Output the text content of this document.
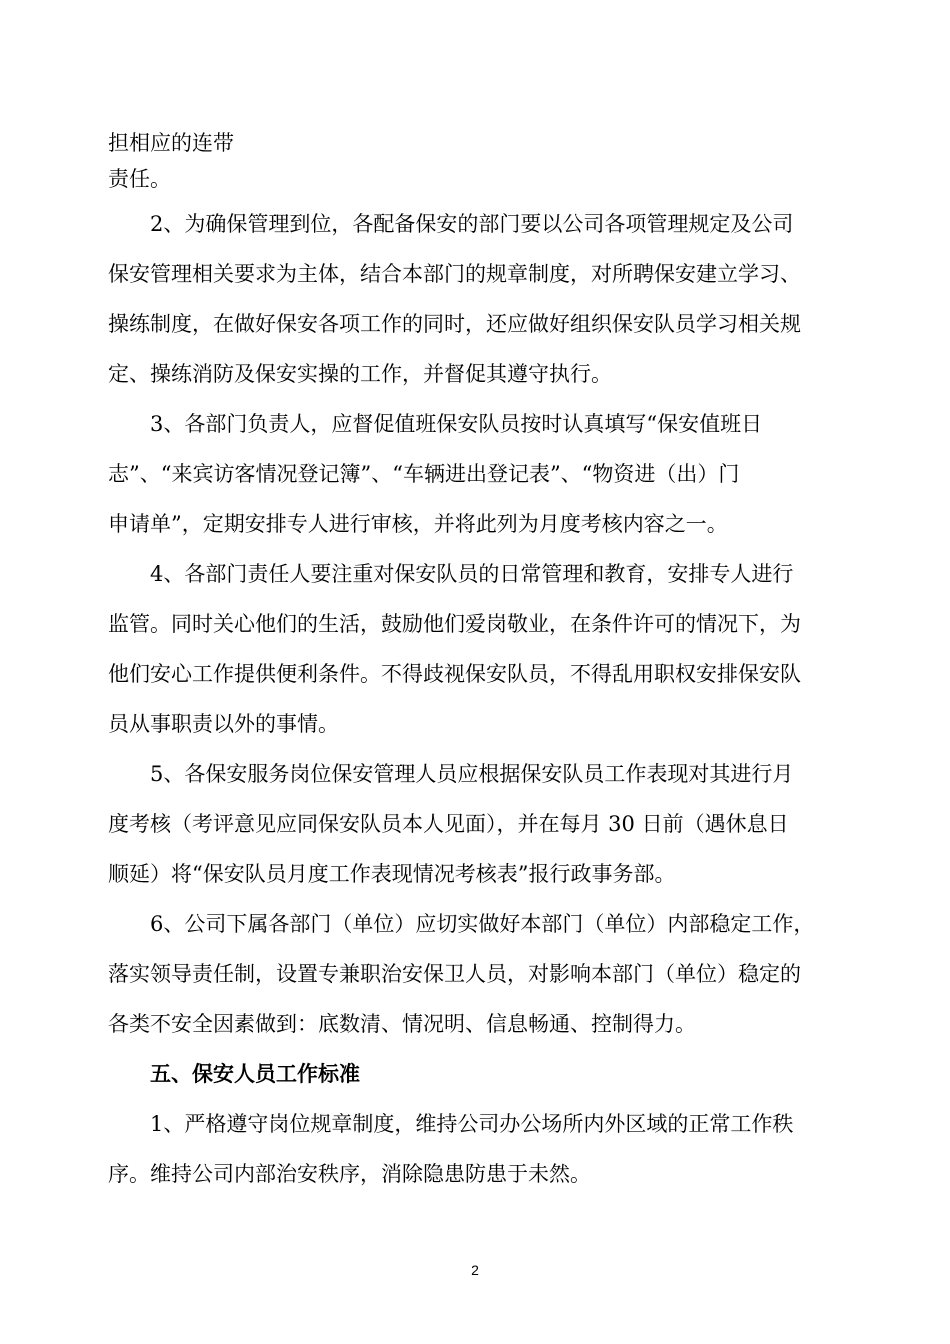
担相应的连带
责任。
2、为确保管理到位，各配备保安的部门要以公司各项管理规定及公司
保安管理相关要求为主体，结合本部门的规章制度，对所聘保安建立学习、
操练制度，在做好保安各项工作的同时，还应做好组织保安队员学习相关规
定、操练消防及保安实操的工作，并督促其遵守执行。
3、各部门负责人，应督促值班保安队员按时认真填写“保安值班日
志”、“来宾访客情况登记簿”、“车辆进出登记表”、“物资进（出）门
申请单”，定期安排专人进行审核，并将此列为月度考核内容之一。
4、各部门责任人要注重对保安队员的日常管理和教育，安排专人进行
监管。同时关心他们的生活，鼓励他们爱岗敬业，在条件许可的情况下，为
他们安心工作提供便利条件。不得歧视保安队员，不得乱用职权安排保安队
员从事职责以外的事情。
5、各保安服务岗位保安管理人员应根据保安队员工作表现对其进行月
度考核（考评意见应同保安队员本人见面），并在每月 30 日前（遇休息日
顺延）将“保安队员月度工作表现情况考核表”报行政事务部。
6、公司下属各部门（单位）应切实做好本部门（单位）内部稳定工作，
落实领导责任制，设置专兼职治安保卫人员，对影响本部门（单位）稳定的
各类不安全因素做到：底数清、情况明、信息畅通、控制得力。
五、保安人员工作标准
1、严格遵守岗位规章制度，维持公司办公场所内外区域的正常工作秩
序。维持公司内部治安秩序，消除隐患防患于未然。
2
